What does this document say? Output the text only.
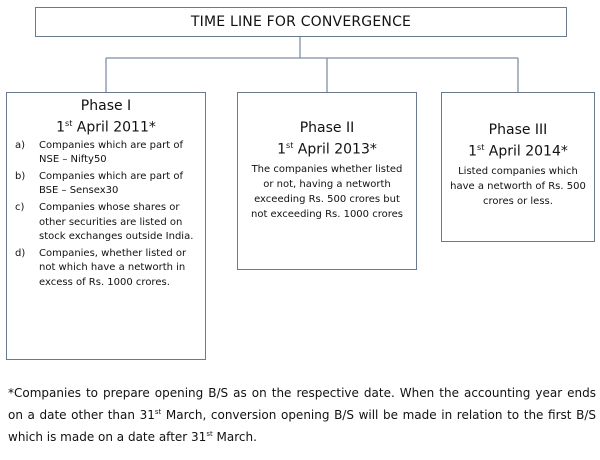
TIME LINE FOR CONVERGENCE
Phase I
1st April 2011*
a)	Companies which are part of NSE – Nifty50
b)	Companies which are part of BSE – Sensex30
c)	Companies whose shares or other securities are listed on stock exchanges outside India.
d)	Companies, whether listed or not which have a networth in excess of Rs. 1000 crores.
Phase II
1st April 2013*
The companies whether listed or not, having a networth exceeding Rs. 500 crores but not exceeding Rs. 1000 crores
Phase III
1st April 2014*
Listed companies which have a networth of Rs. 500 crores or less.
*Companies to prepare opening B/S as on the respective date. When the accounting year ends on a date other than 31st March, conversion opening B/S will be made in relation to the first B/S which is made on a date after 31st March.
